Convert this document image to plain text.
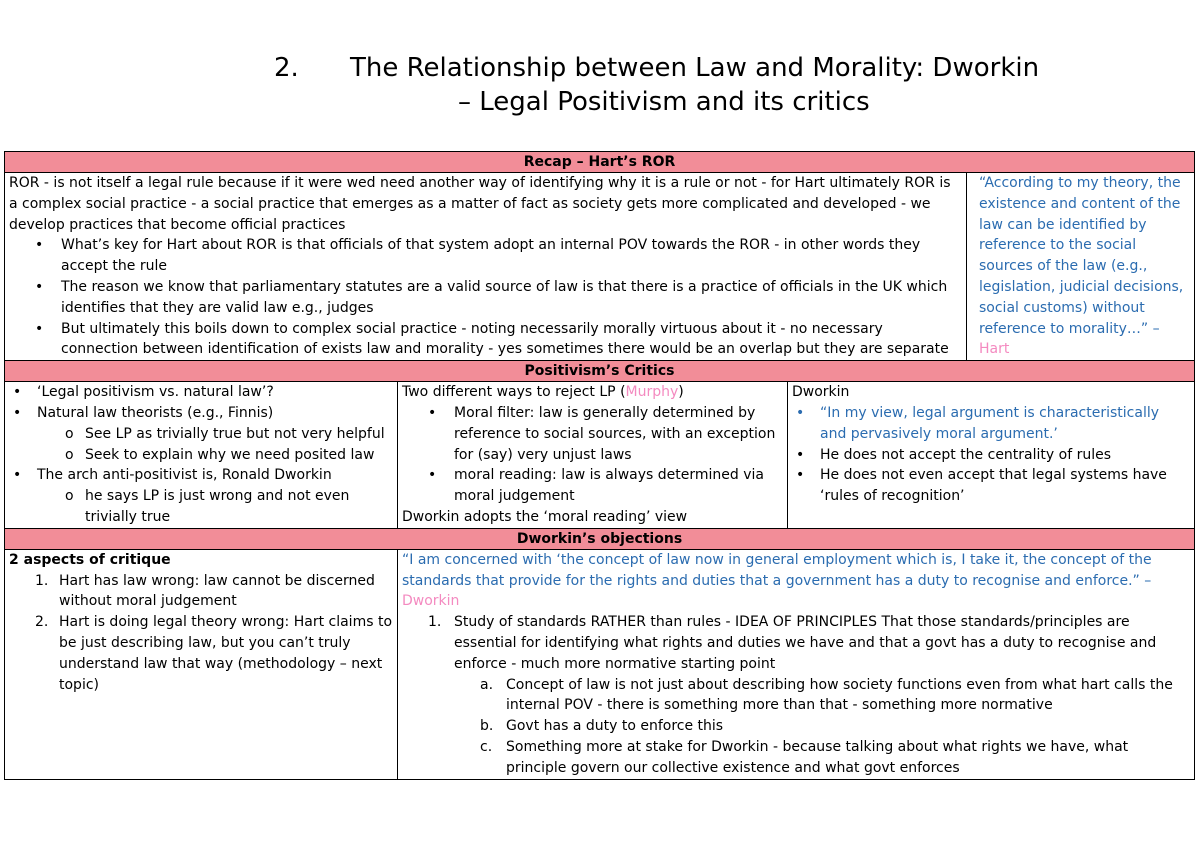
2. The Relationship between Law and Morality: Dworkin
– Legal Positivism and its critics
Recap – Hart’s ROR
ROR - is not itself a legal rule because if it were wed need another way of identifying why it is a rule or not - for Hart ultimately ROR is a complex social practice - a social practice that emerges as a matter of fact as society gets more complicated and developed - we develop practices that become official practices
• What’s key for Hart about ROR is that officials of that system adopt an internal POV towards the ROR - in other words they accept the rule
• The reason we know that parliamentary statutes are a valid source of law is that there is a practice of officials in the UK which identifies that they are valid law e.g., judges
• But ultimately this boils down to complex social practice - noting necessarily morally virtuous about it - no necessary connection between identification of exists law and morality - yes sometimes there would be an overlap but they are separate
“According to my theory, the existence and content of the law can be identified by reference to the social sources of the law (e.g., legislation, judicial decisions, social customs) without reference to morality…” – Hart
Positivism’s Critics
• ‘Legal positivism vs. natural law’?
• Natural law theorists (e.g., Finnis)
o See LP as trivially true but not very helpful
o Seek to explain why we need posited law
• The arch anti-positivist is, Ronald Dworkin
o he says LP is just wrong and not even trivially true
Two different ways to reject LP (Murphy)
• Moral filter: law is generally determined by reference to social sources, with an exception for (say) very unjust laws
• moral reading: law is always determined via moral judgement
Dworkin adopts the ‘moral reading’ view
Dworkin
• “In my view, legal argument is characteristically and pervasively moral argument.’
• He does not accept the centrality of rules
• He does not even accept that legal systems have ‘rules of recognition’
Dworkin’s objections
2 aspects of critique
1. Hart has law wrong: law cannot be discerned without moral judgement
2. Hart is doing legal theory wrong: Hart claims to be just describing law, but you can’t truly understand law that way (methodology – next topic)
“I am concerned with ‘the concept of law now in general employment which is, I take it, the concept of the standards that provide for the rights and duties that a government has a duty to recognise and enforce.” –
Dworkin
1. Study of standards RATHER than rules - IDEA OF PRINCIPLES That those standards/principles are essential for identifying what rights and duties we have and that a govt has a duty to recognise and enforce - much more normative starting point
a. Concept of law is not just about describing how society functions even from what hart calls the internal POV - there is something more than that - something more normative
b. Govt has a duty to enforce this
c. Something more at stake for Dworkin - because talking about what rights we have, what principle govern our collective existence and what govt enforces
